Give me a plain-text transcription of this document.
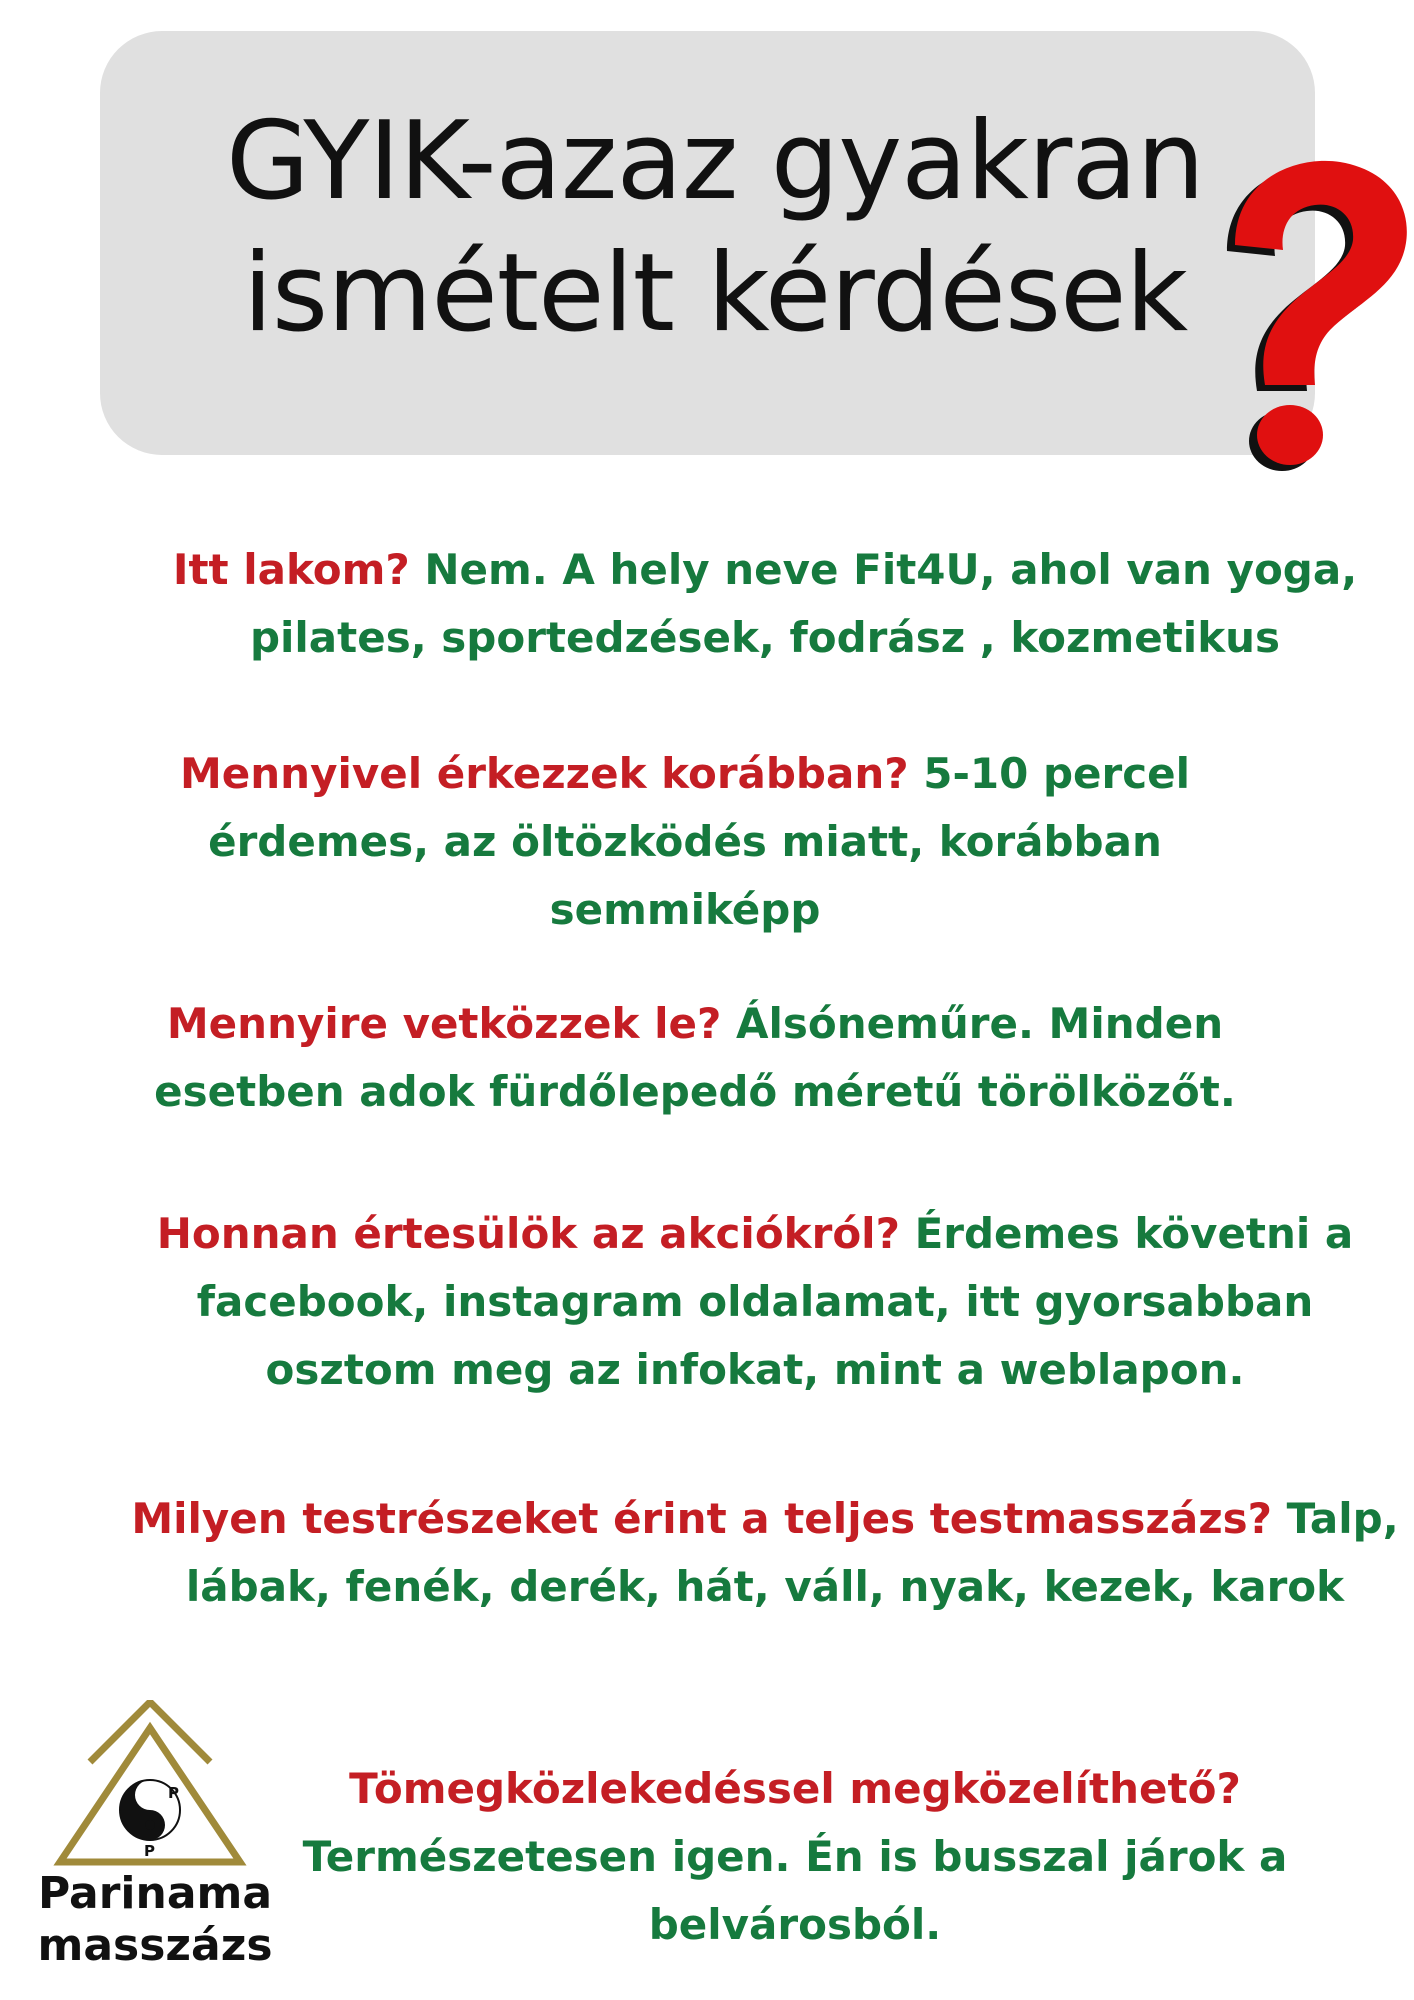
GYIK-azaz gyakran
ismételt kérdések
Itt lakom? Nem. A hely neve Fit4U, ahol van yoga, pilates, sportedzések, fodrász , kozmetikus
Mennyivel érkezzek korábban? 5-10 percel érdemes, az öltözködés miatt, korábban semmiképp
Mennyire vetközzek le? Álsóneműre. Minden esetben adok fürdőlepedő méretű törölközőt.
Honnan értesülök az akciókról? Érdemes követni a facebook, instagram oldalamat, itt gyorsabban osztom meg az infokat, mint a weblapon.
Milyen testrészeket érint a teljes testmasszázs? Talp, lábak, fenék, derék, hát, váll, nyak, kezek, karok
Tömegközlekedéssel megközelíthető? Természetesen igen. Én is busszal járok a belvárosból.
P
P
Parinama
masszázs
